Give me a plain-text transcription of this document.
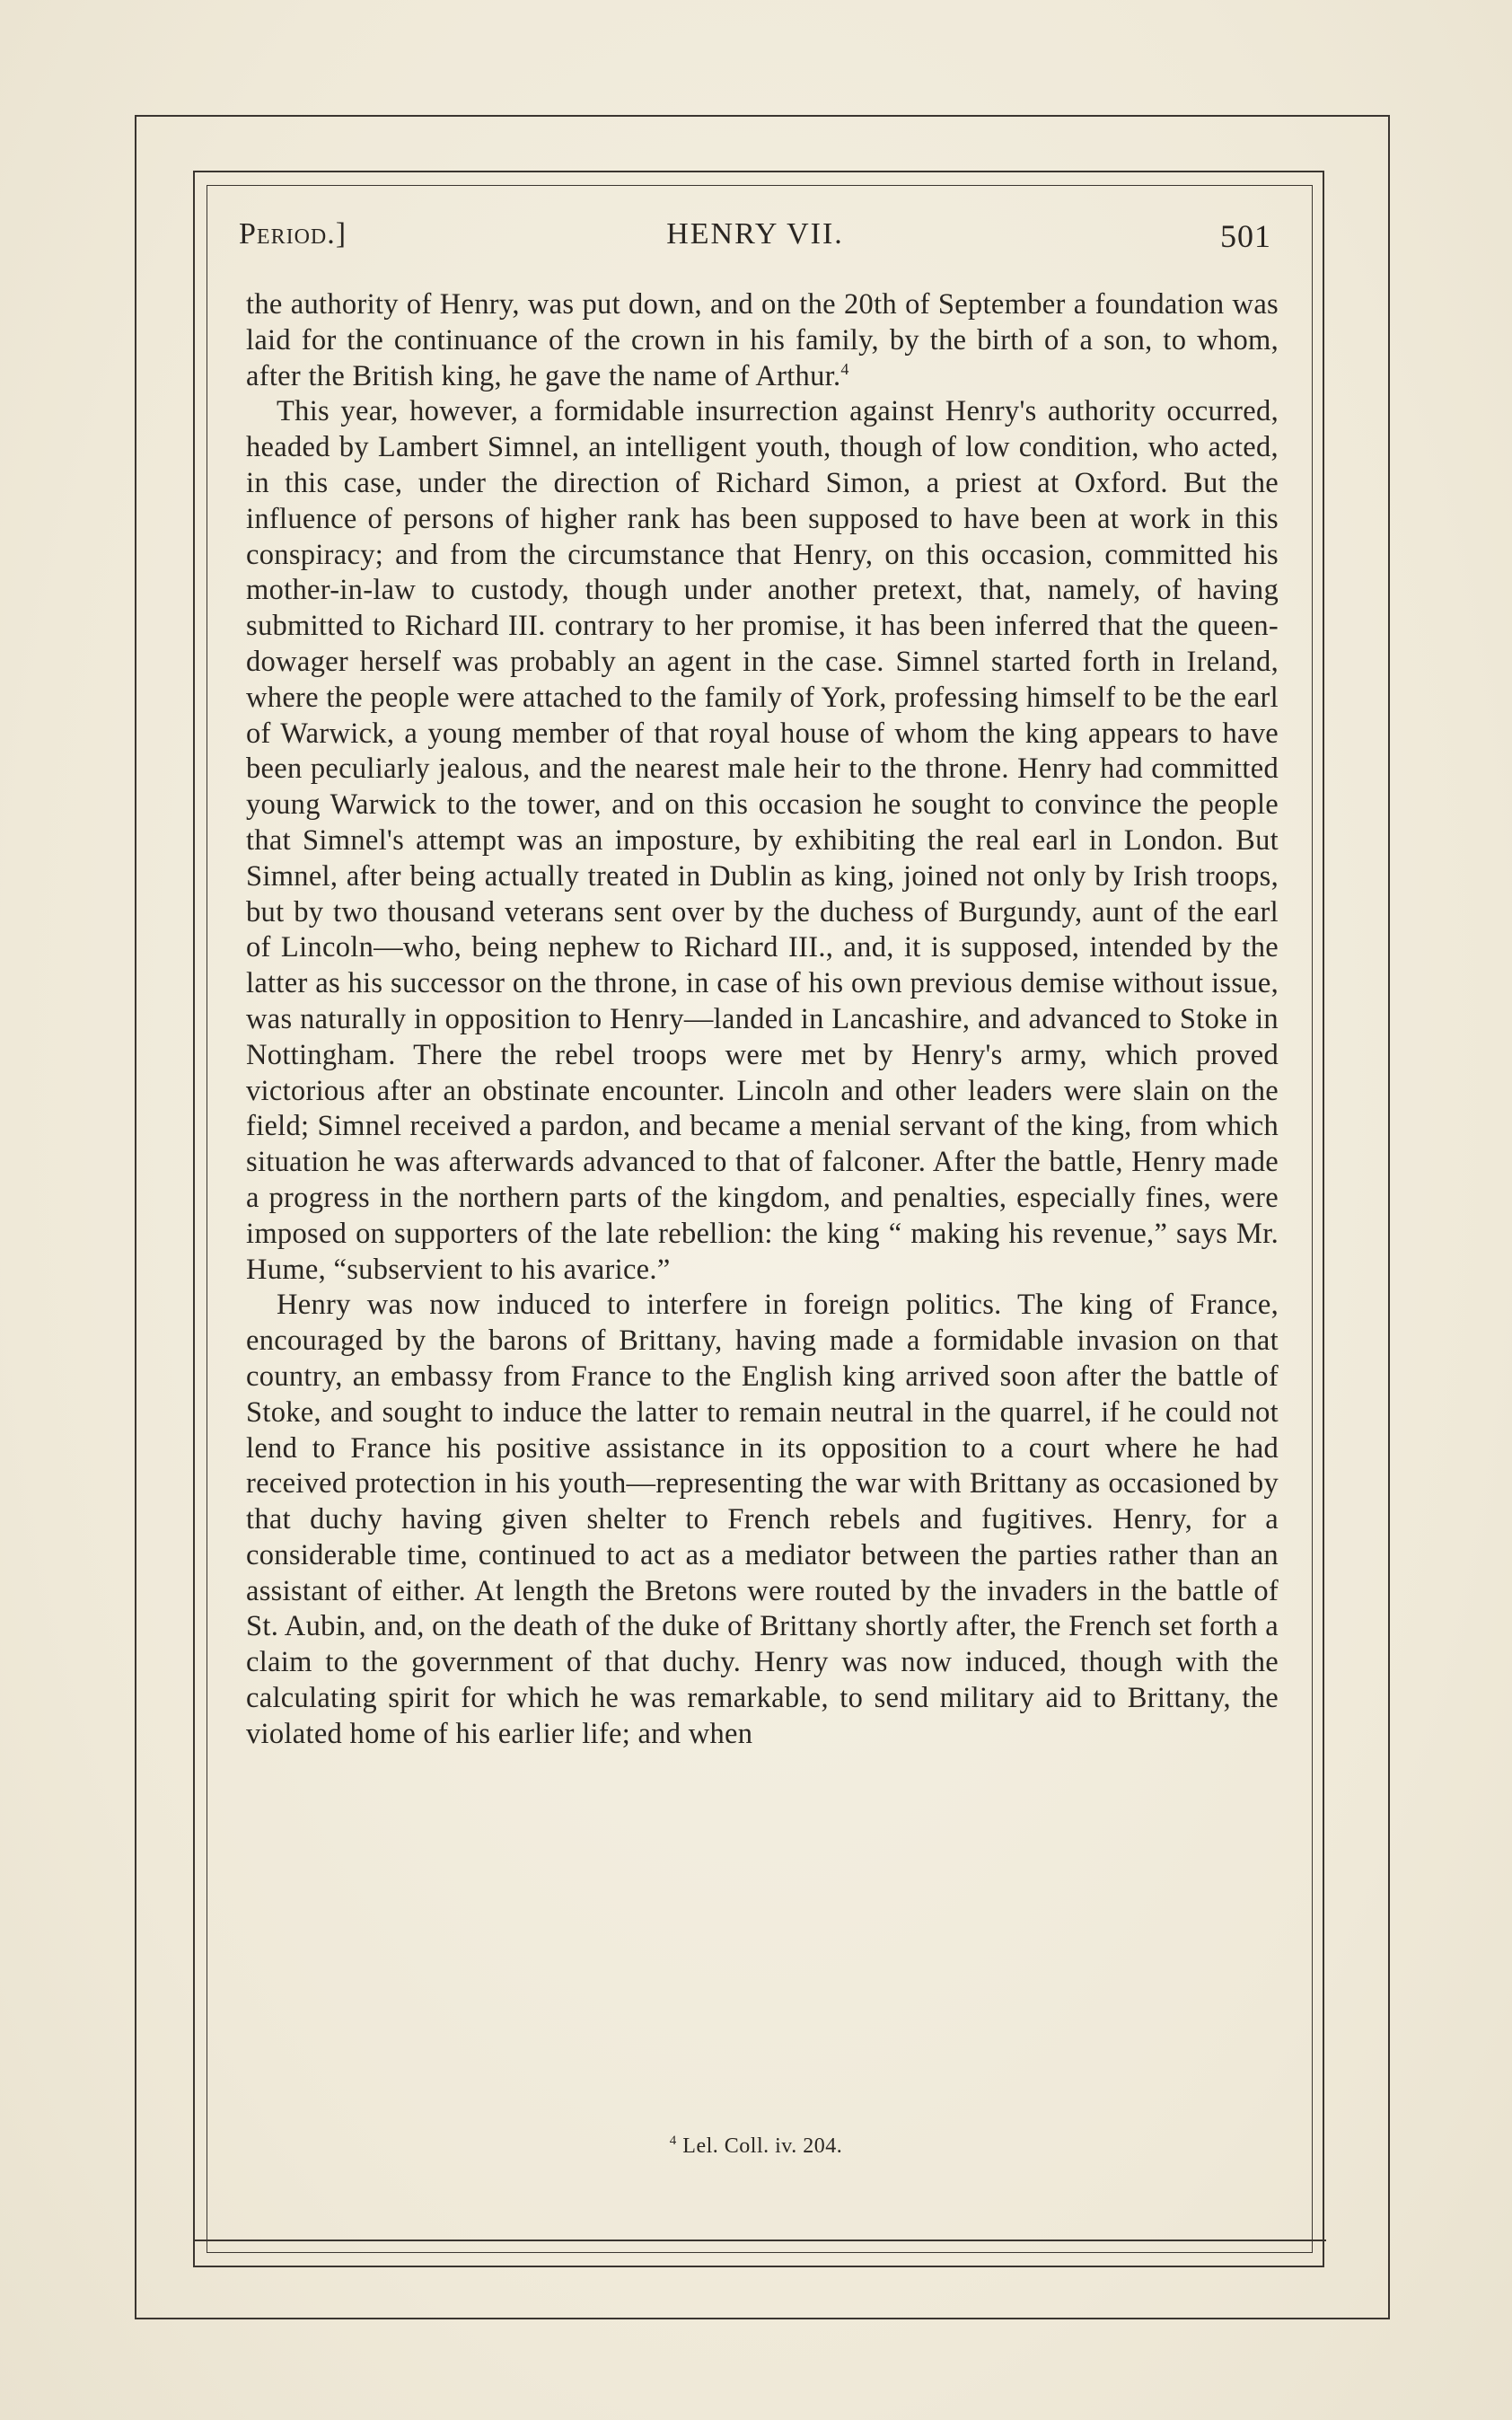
Period.]	HENRY VII.	501

the authority of Henry, was put down, and on the 20th of September a foundation was laid for the continuance of the crown in his family, by the birth of a son, to whom, after the British king, he gave the name of Arthur.$^4$

This year, however, a formidable insurrection against Henry's authority occurred, headed by Lambert Simnel, an intelligent youth, though of low condition, who acted, in this case, under the direction of Richard Simon, a priest at Oxford. But the influence of persons of higher rank has been supposed to have been at work in this conspiracy; and from the circumstance that Henry, on this occasion, committed his mother-in-law to custody, though under another pretext, that, namely, of having submitted to Richard III. contrary to her promise, it has been inferred that the queen-dowager herself was probably an agent in the case. Simnel started forth in Ireland, where the people were attached to the family of York, professing himself to be the earl of Warwick, a young member of that royal house of whom the king appears to have been peculiarly jealous, and the nearest male heir to the throne. Henry had committed young Warwick to the tower, and on this occasion he sought to convince the people that Simnel's attempt was an imposture, by exhibiting the real earl in London. But Simnel, after being actually treated in Dublin as king, joined not only by Irish troops, but by two thousand veterans sent over by the duchess of Burgundy, aunt of the earl of Lincoln—who, being nephew to Richard III., and, it is supposed, intended by the latter as his successor on the throne, in case of his own previous demise without issue, was naturally in opposition to Henry—landed in Lancashire, and advanced to Stoke in Nottingham. There the rebel troops were met by Henry's army, which proved victorious after an obstinate encounter. Lincoln and other leaders were slain on the field; Simnel received a pardon, and became a menial servant of the king, from which situation he was afterwards advanced to that of falconer. After the battle, Henry made a progress in the northern parts of the kingdom, and penalties, especially fines, were imposed on supporters of the late rebellion: the king “ making his revenue,” says Mr. Hume, “subservient to his avarice.”

Henry was now induced to interfere in foreign politics. The king of France, encouraged by the barons of Brittany, having made a formidable invasion on that country, an embassy from France to the English king arrived soon after the battle of Stoke, and sought to induce the latter to remain neutral in the quarrel, if he could not lend to France his positive assistance in its opposition to a court where he had received protection in his youth—representing the war with Brittany as occasioned by that duchy having given shelter to French rebels and fugitives. Henry, for a considerable time, continued to act as a mediator between the parties rather than an assistant of either. At length the Bretons were routed by the invaders in the battle of St. Aubin, and, on the death of the duke of Brittany shortly after, the French set forth a claim to the government of that duchy. Henry was now induced, though with the calculating spirit for which he was remarkable, to send military aid to Brittany, the violated home of his earlier life; and when

$^4$ Lel. Coll. iv. 204.
